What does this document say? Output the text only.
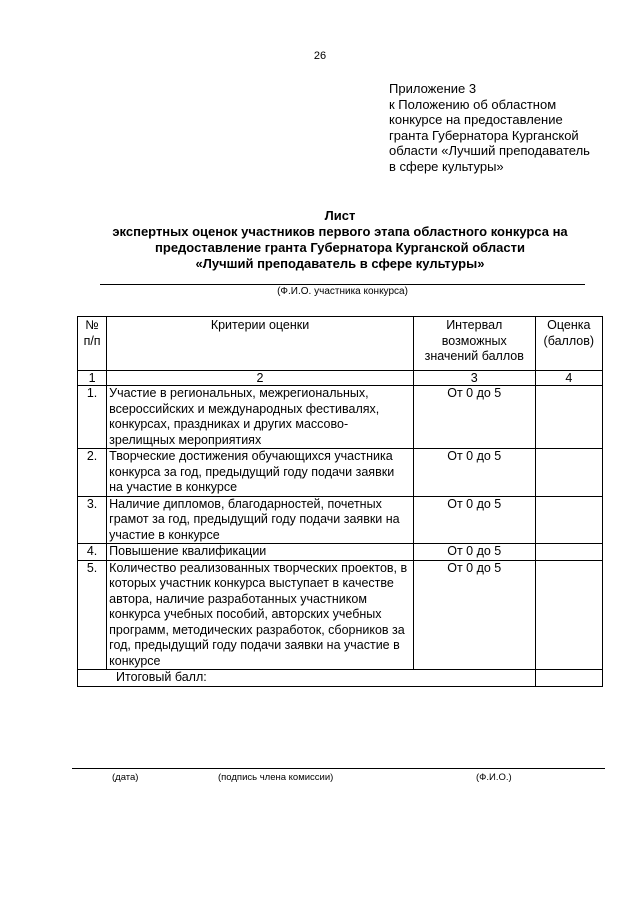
26
Приложение 3
к Положению об областном
конкурсе на предоставление
гранта Губернатора Курганской
области «Лучший преподаватель
в сфере культуры»
Лист
экспертных оценок участников первого этапа областного конкурса на
предоставление гранта Губернатора Курганской области
«Лучший преподаватель в сфере культуры»
(Ф.И.О. участника конкурса)
№ п/п	Критерии оценки	Интервал возможных значений баллов	Оценка (баллов)
1	2	3	4
1.	Участие в региональных, межрегиональных, всероссийских и международных фестивалях, конкурсах, праздниках и других массово-зрелищных мероприятиях	От 0 до 5	
2.	Творческие достижения обучающихся участника конкурса за год, предыдущий году подачи заявки на участие в конкурсе	От 0 до 5	
3.	Наличие дипломов, благодарностей, почетных грамот за год, предыдущий году подачи заявки на участие в конкурсе	От 0 до 5	
4.	Повышение квалификации	От 0 до 5	
5.	Количество реализованных творческих проектов, в которых участник конкурса выступает в качестве автора, наличие разработанных участником конкурса учебных пособий, авторских учебных программ, методических разработок, сборников за год, предыдущий году подачи заявки на участие в конкурсе	От 0 до 5	
Итоговый балл:			
(дата)	(подпись члена комиссии)	(Ф.И.О.)
